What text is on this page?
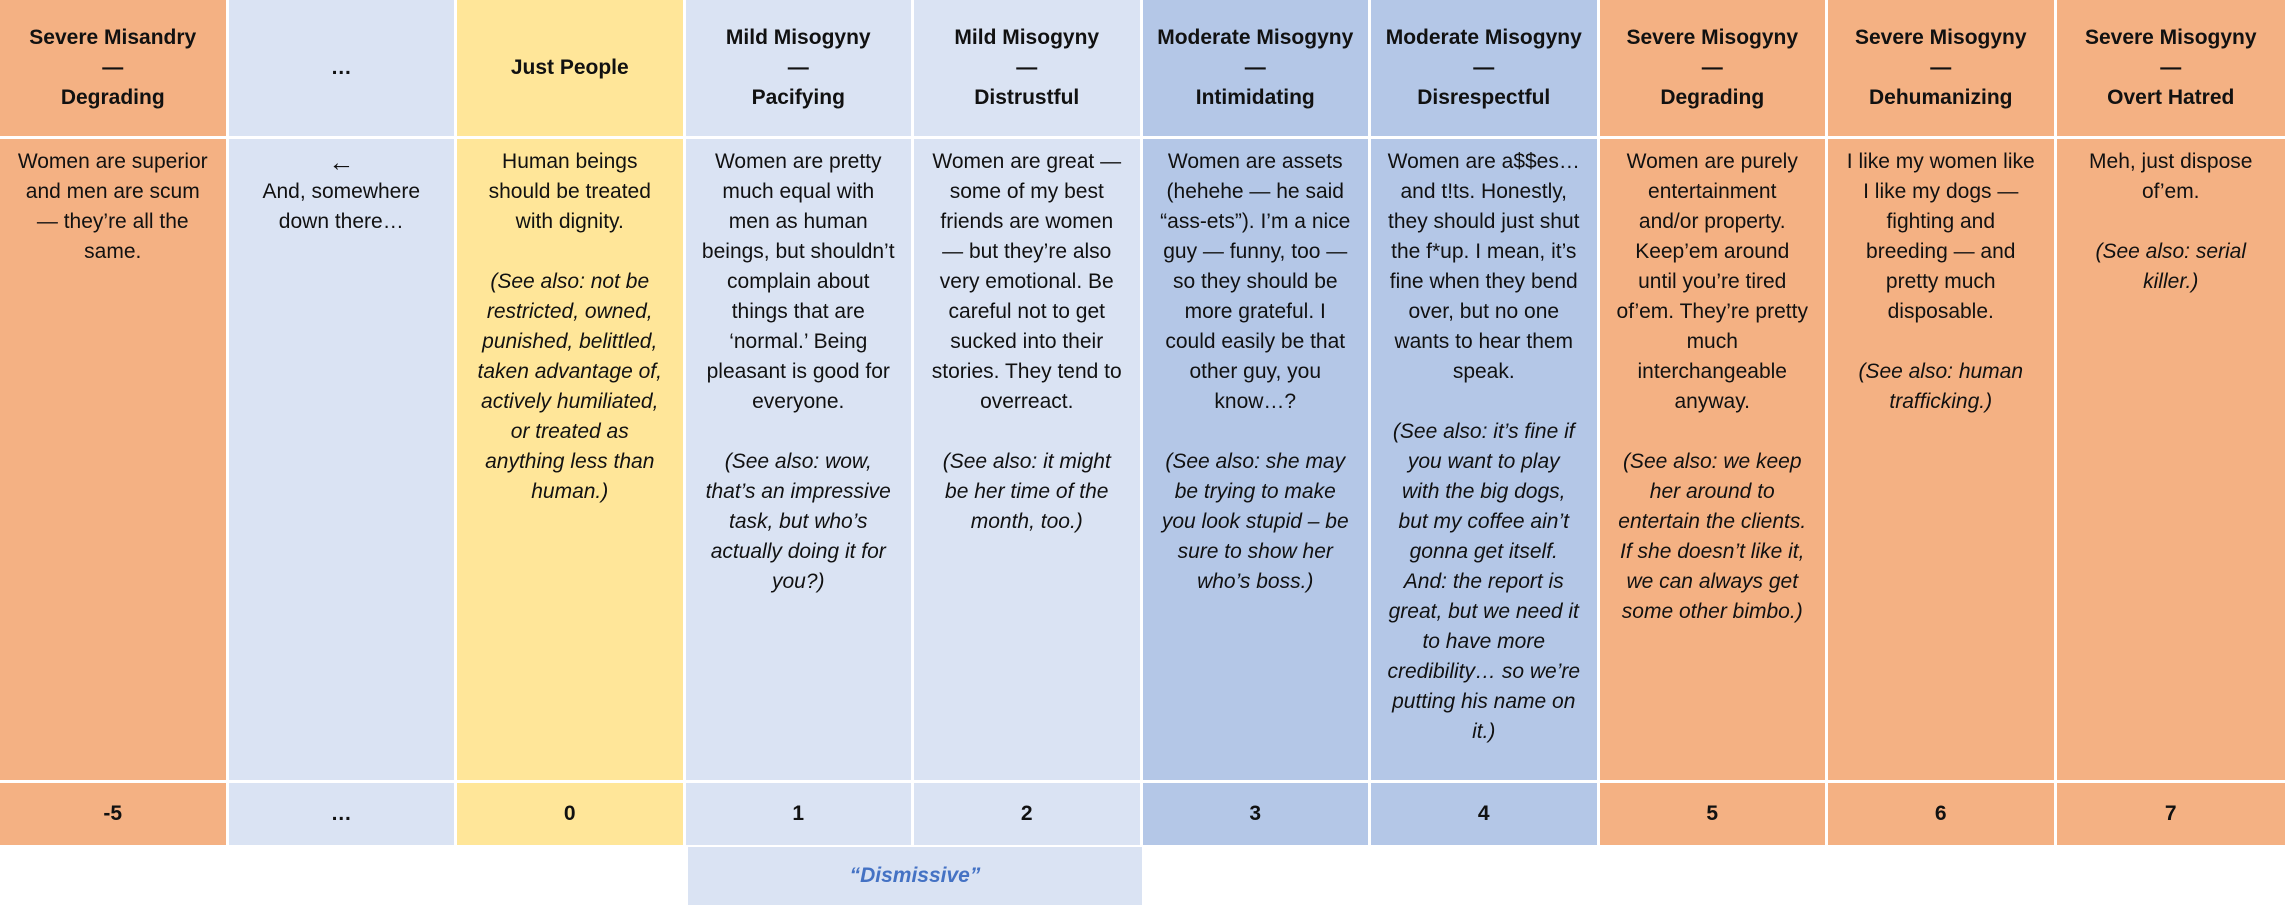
Severe Misandry
—
Degrading
Women are superior and men are scum — they’re all the same.
-5
…
←
And, somewhere down there…
…
Just People
Human beings should be treated with dignity.
(See also: not be restricted, owned, punished, belittled, taken advantage of, actively humiliated, or treated as anything less than human.)
0
Mild Misogyny
—
Pacifying
Women are pretty much equal with men as human beings, but shouldn’t complain about things that are ‘normal.’ Being pleasant is good for everyone.
(See also: wow, that’s an impressive task, but who’s actually doing it for you?)
1
Mild Misogyny
—
Distrustful
Women are great — some of my best friends are women — but they’re also very emotional. Be careful not to get sucked into their stories. They tend to overreact.
(See also: it might be her time of the month, too.)
2
Moderate Misogyny
—
Intimidating
Women are assets (hehehe — he said “ass-ets”). I’m a nice guy — funny, too — so they should be more grateful. I could easily be that other guy, you know…?
(See also: she may be trying to make you look stupid – be sure to show her who’s boss.)
3
Moderate Misogyny
—
Disrespectful
Women are a$$es… and t!ts. Honestly, they should just shut the f*up. I mean, it’s fine when they bend over, but no one wants to hear them speak.
(See also: it’s fine if you want to play with the big dogs, but my coffee ain’t gonna get itself. And: the report is great, but we need it to have more credibility… so we’re putting his name on it.)
4
Severe Misogyny
—
Degrading
Women are purely entertainment and/or property. Keep’em around until you’re tired of’em. They’re pretty much interchangeable anyway.
(See also: we keep her around to entertain the clients. If she doesn’t like it, we can always get some other bimbo.)
5
Severe Misogyny
—
Dehumanizing
I like my women like I like my dogs — fighting and breeding — and pretty much disposable.
(See also: human trafficking.)
6
Severe Misogyny
—
Overt Hatred
Meh, just dispose of’em.
(See also: serial killer.)
7
“Dismissive”
